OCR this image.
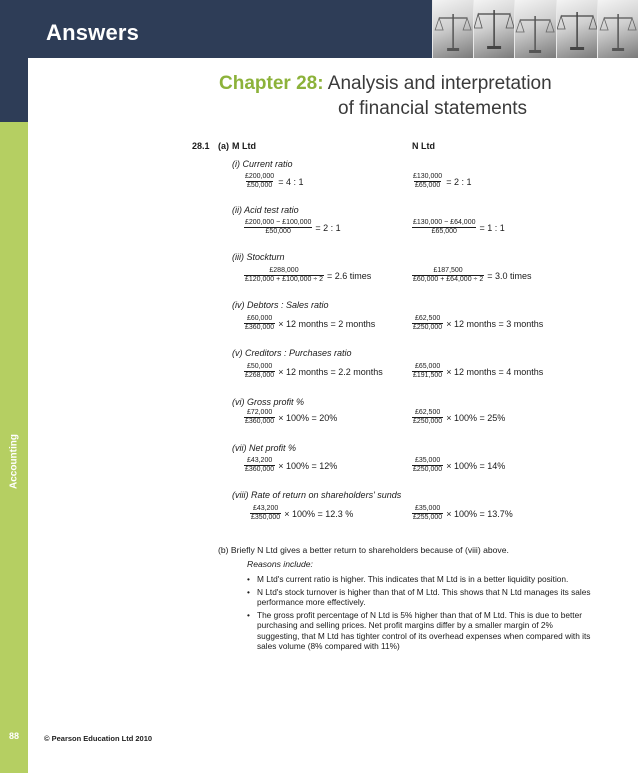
Answers
Accounting
88	© Pearson Education Ltd 2010
Chapter 28: Analysis and interpretation
of financial statements
28.1 (a) M Ltd	N Ltd
(i) Current ratio
$\frac{£200,000}{£50,000} = 4$ : 1	$\frac{£130,000}{£65,000} = 2$ : 1
(ii) Acid test ratio
$\frac{£200,000 - £100,000}{£50,000} = 2$ : 1	$\frac{£130,000 - £64,000}{£65,000} = 1$ : 1
(iii) Stockturn
$\frac{£288,000}{£120,000 + £100,000 \div 2} = 2.6$ times	$\frac{£187,500}{£60,000 + £64,000 \div 2} = 3.0$ times
(iv) Debtors : Sales ratio
$\frac{£60,000}{£360,000} \times 12$ months = 2 months	$\frac{£62,500}{£250,000} \times 12$ months = 3 months
(v) Creditors : Purchases ratio
$\frac{£50,000}{£268,000} \times 12$ months = 2.2 months	$\frac{£65,000}{£191,500} \times 12$ months = 4 months
(vi) Gross profit %
$\frac{£72,000}{£360,000} \times 100\% = 20\%$	$\frac{£62,500}{£250,000} \times 100\% = 25\%$
(vii) Net profit %
$\frac{£43,200}{£360,000} \times 100\% = 12\%$	$\frac{£35,000}{£250,000} \times 100\% = 14\%$
(viii) Rate of return on shareholders' sunds
$\frac{£43,200}{£350,000} \times 100\% = 12.3$ %	$\frac{£35,000}{£255,000} \times 100\% = 13.7\%$
(b) Briefly N Ltd gives a better return to shareholders because of (viii) above.
Reasons include:
• M Ltd's current ratio is higher. This indicates that M Ltd is in a better liquidity position.
• N Ltd's stock turnover is higher than that of M Ltd. This shows that N Ltd manages its sales performance more effectively.
• The gross profit percentage of N Ltd is 5% higher than that of M Ltd. This is due to better purchasing and selling prices. Net profit margins differ by a smaller margin of 2% suggesting, that M Ltd has tighter control of its overhead expenses when compared with its sales volume (8% compared with 11%)
